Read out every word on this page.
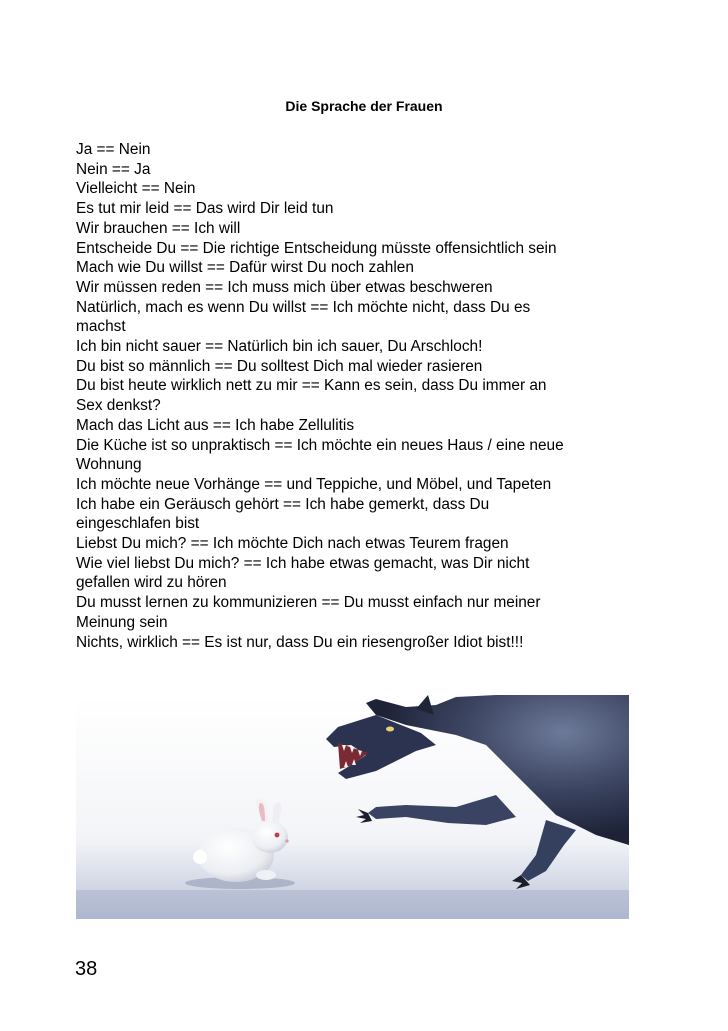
Die Sprache der Frauen
Ja == Nein
Nein == Ja
Vielleicht == Nein
Es tut mir leid == Das wird Dir leid tun
Wir brauchen == Ich will
Entscheide Du == Die richtige Entscheidung müsste offensichtlich sein
Mach wie Du willst == Dafür wirst Du noch zahlen
Wir müssen reden == Ich muss mich über etwas beschweren
Natürlich, mach es wenn Du willst == Ich möchte nicht, dass Du es
machst
Ich bin nicht sauer == Natürlich bin ich sauer, Du Arschloch!
Du bist so männlich == Du solltest Dich mal wieder rasieren
Du bist heute wirklich nett zu mir == Kann es sein, dass Du immer an
Sex denkst?
Mach das Licht aus == Ich habe Zellulitis
Die Küche ist so unpraktisch == Ich möchte ein neues Haus / eine neue
Wohnung
Ich möchte neue Vorhänge == und Teppiche, und Möbel, und Tapeten
Ich habe ein Geräusch gehört == Ich habe gemerkt, dass Du
eingeschlafen bist
Liebst Du mich? == Ich möchte Dich nach etwas Teurem fragen
Wie viel liebst Du mich? == Ich habe etwas gemacht, was Dir nicht
gefallen wird zu hören
Du musst lernen zu kommunizieren == Du musst einfach nur meiner
Meinung sein
Nichts, wirklich == Es ist nur, dass Du ein riesengroßer Idiot bist!!!
38
